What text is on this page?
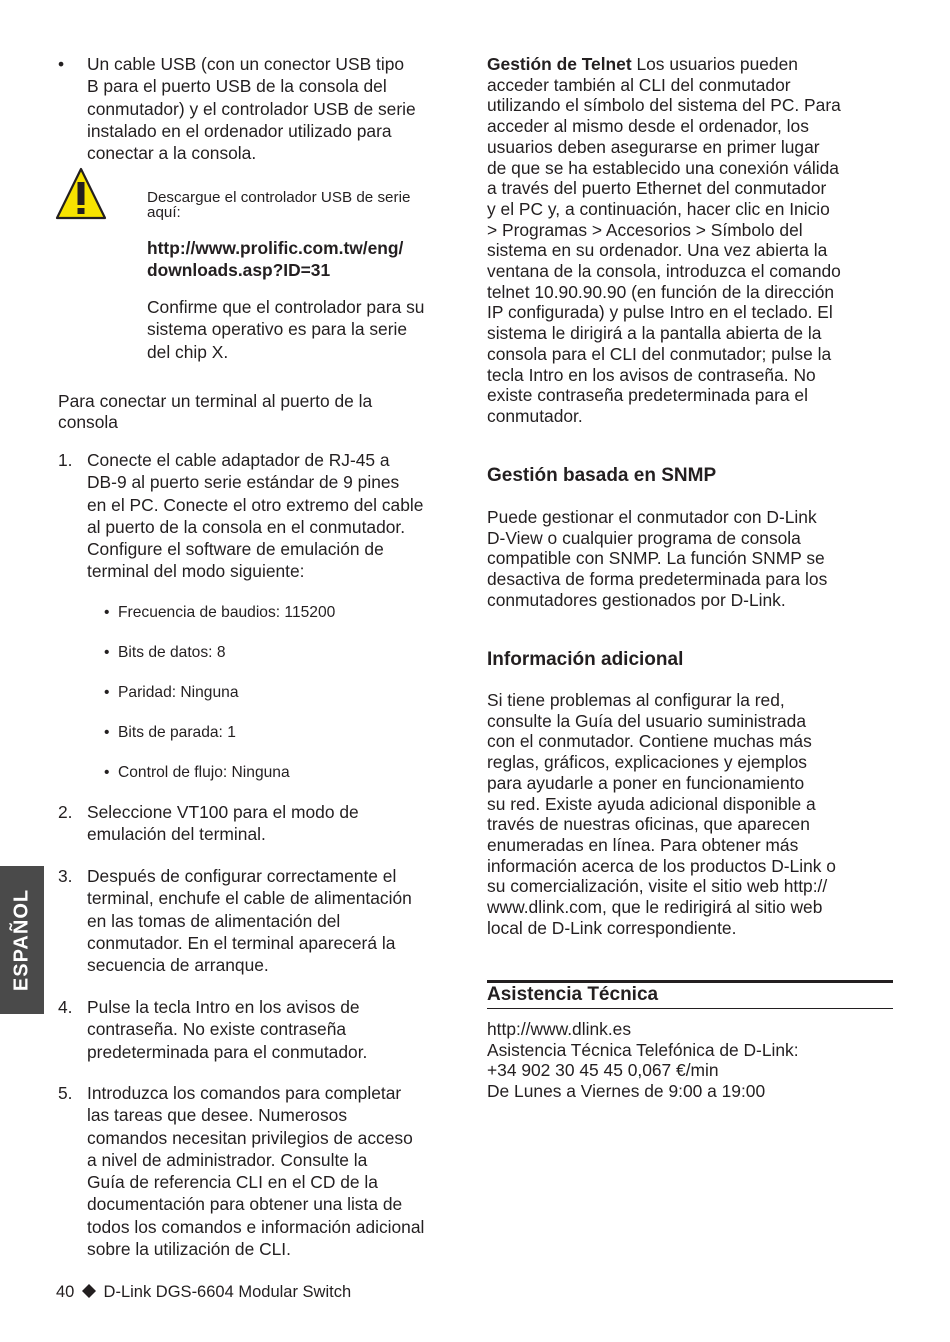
• Un cable USB (con un conector USB tipo

B para el puerto USB de la consola del

conmutador) y el controlador USB de serie

instalado en el ordenador utilizado para

conectar a la consola.

Descargue el controlador USB de serie
aquí:
http://www.prolific.com.tw/eng/
downloads.asp?ID=31
Confirme que el controlador para su
sistema operativo es para la serie
del chip X.
Para conectar un terminal al puerto de la
consola
1. Conecte el cable adaptador de RJ-45 a

DB-9 al puerto serie estándar de 9 pines

en el PC. Conecte el otro extremo del cable

al puerto de la consola en el conmutador.

Configure el software de emulación de

terminal del modo siguiente:

• Frecuencia de baudios: 115200
• Bits de datos: 8
• Paridad: Ninguna
• Bits de parada: 1
• Control de flujo: Ninguna
2. Seleccione VT100 para el modo de

emulación del terminal.

3. Después de configurar correctamente el

terminal, enchufe el cable de alimentación

en las tomas de alimentación del

conmutador. En el terminal aparecerá la

secuencia de arranque.

4. Pulse la tecla Intro en los avisos de

contraseña. No existe contraseña

predeterminada para el conmutador.

5. Introduzca los comandos para completar

las tareas que desee. Numerosos

comandos necesitan privilegios de acceso

a nivel de administrador. Consulte la

Guía de referencia CLI en el CD de la

documentación para obtener una lista de

todos los comandos e información adicional

sobre la utilización de CLI.

ESPAÑOL

Gestión de Telnet Los usuarios pueden

acceder también al CLI del conmutador

utilizando el símbolo del sistema del PC. Para

acceder al mismo desde el ordenador, los

usuarios deben asegurarse en primer lugar

de que se ha establecido una conexión válida

a través del puerto Ethernet del conmutador

y el PC y, a continuación, hacer clic en Inicio

> Programas > Accesorios > Símbolo del

sistema en su ordenador. Una vez abierta la

ventana de la consola, introduzca el comando

telnet 10.90.90.90 (en función de la dirección

IP configurada) y pulse Intro en el teclado. El

sistema le dirigirá a la pantalla abierta de la

consola para el CLI del conmutador; pulse la

tecla Intro en los avisos de contraseña. No

existe contraseña predeterminada para el

conmutador.

Gestión basada en SNMP

Puede gestionar el conmutador con D-Link

D-View o cualquier programa de consola

compatible con SNMP. La función SNMP se

desactiva de forma predeterminada para los

conmutadores gestionados por D-Link.

Información adicional

Si tiene problemas al configurar la red,

consulte la Guía del usuario suministrada

con el conmutador. Contiene muchas más

reglas, gráficos, explicaciones y ejemplos

para ayudarle a poner en funcionamiento

su red. Existe ayuda adicional disponible a

través de nuestras oficinas, que aparecen

enumeradas en línea. Para obtener más

información acerca de los productos D-Link o

su comercialización, visite el sitio web http://

www.dlink.com, que le redirigirá al sitio web

local de D-Link correspondiente.

Asistencia Técnica

http://www.dlink.es

Asistencia Técnica Telefónica de D-Link:

+34 902 30 45 45 0,067 €/min

De Lunes a Viernes de 9:00 a 19:00

40 D-Link DGS-6604 Modular Switch
